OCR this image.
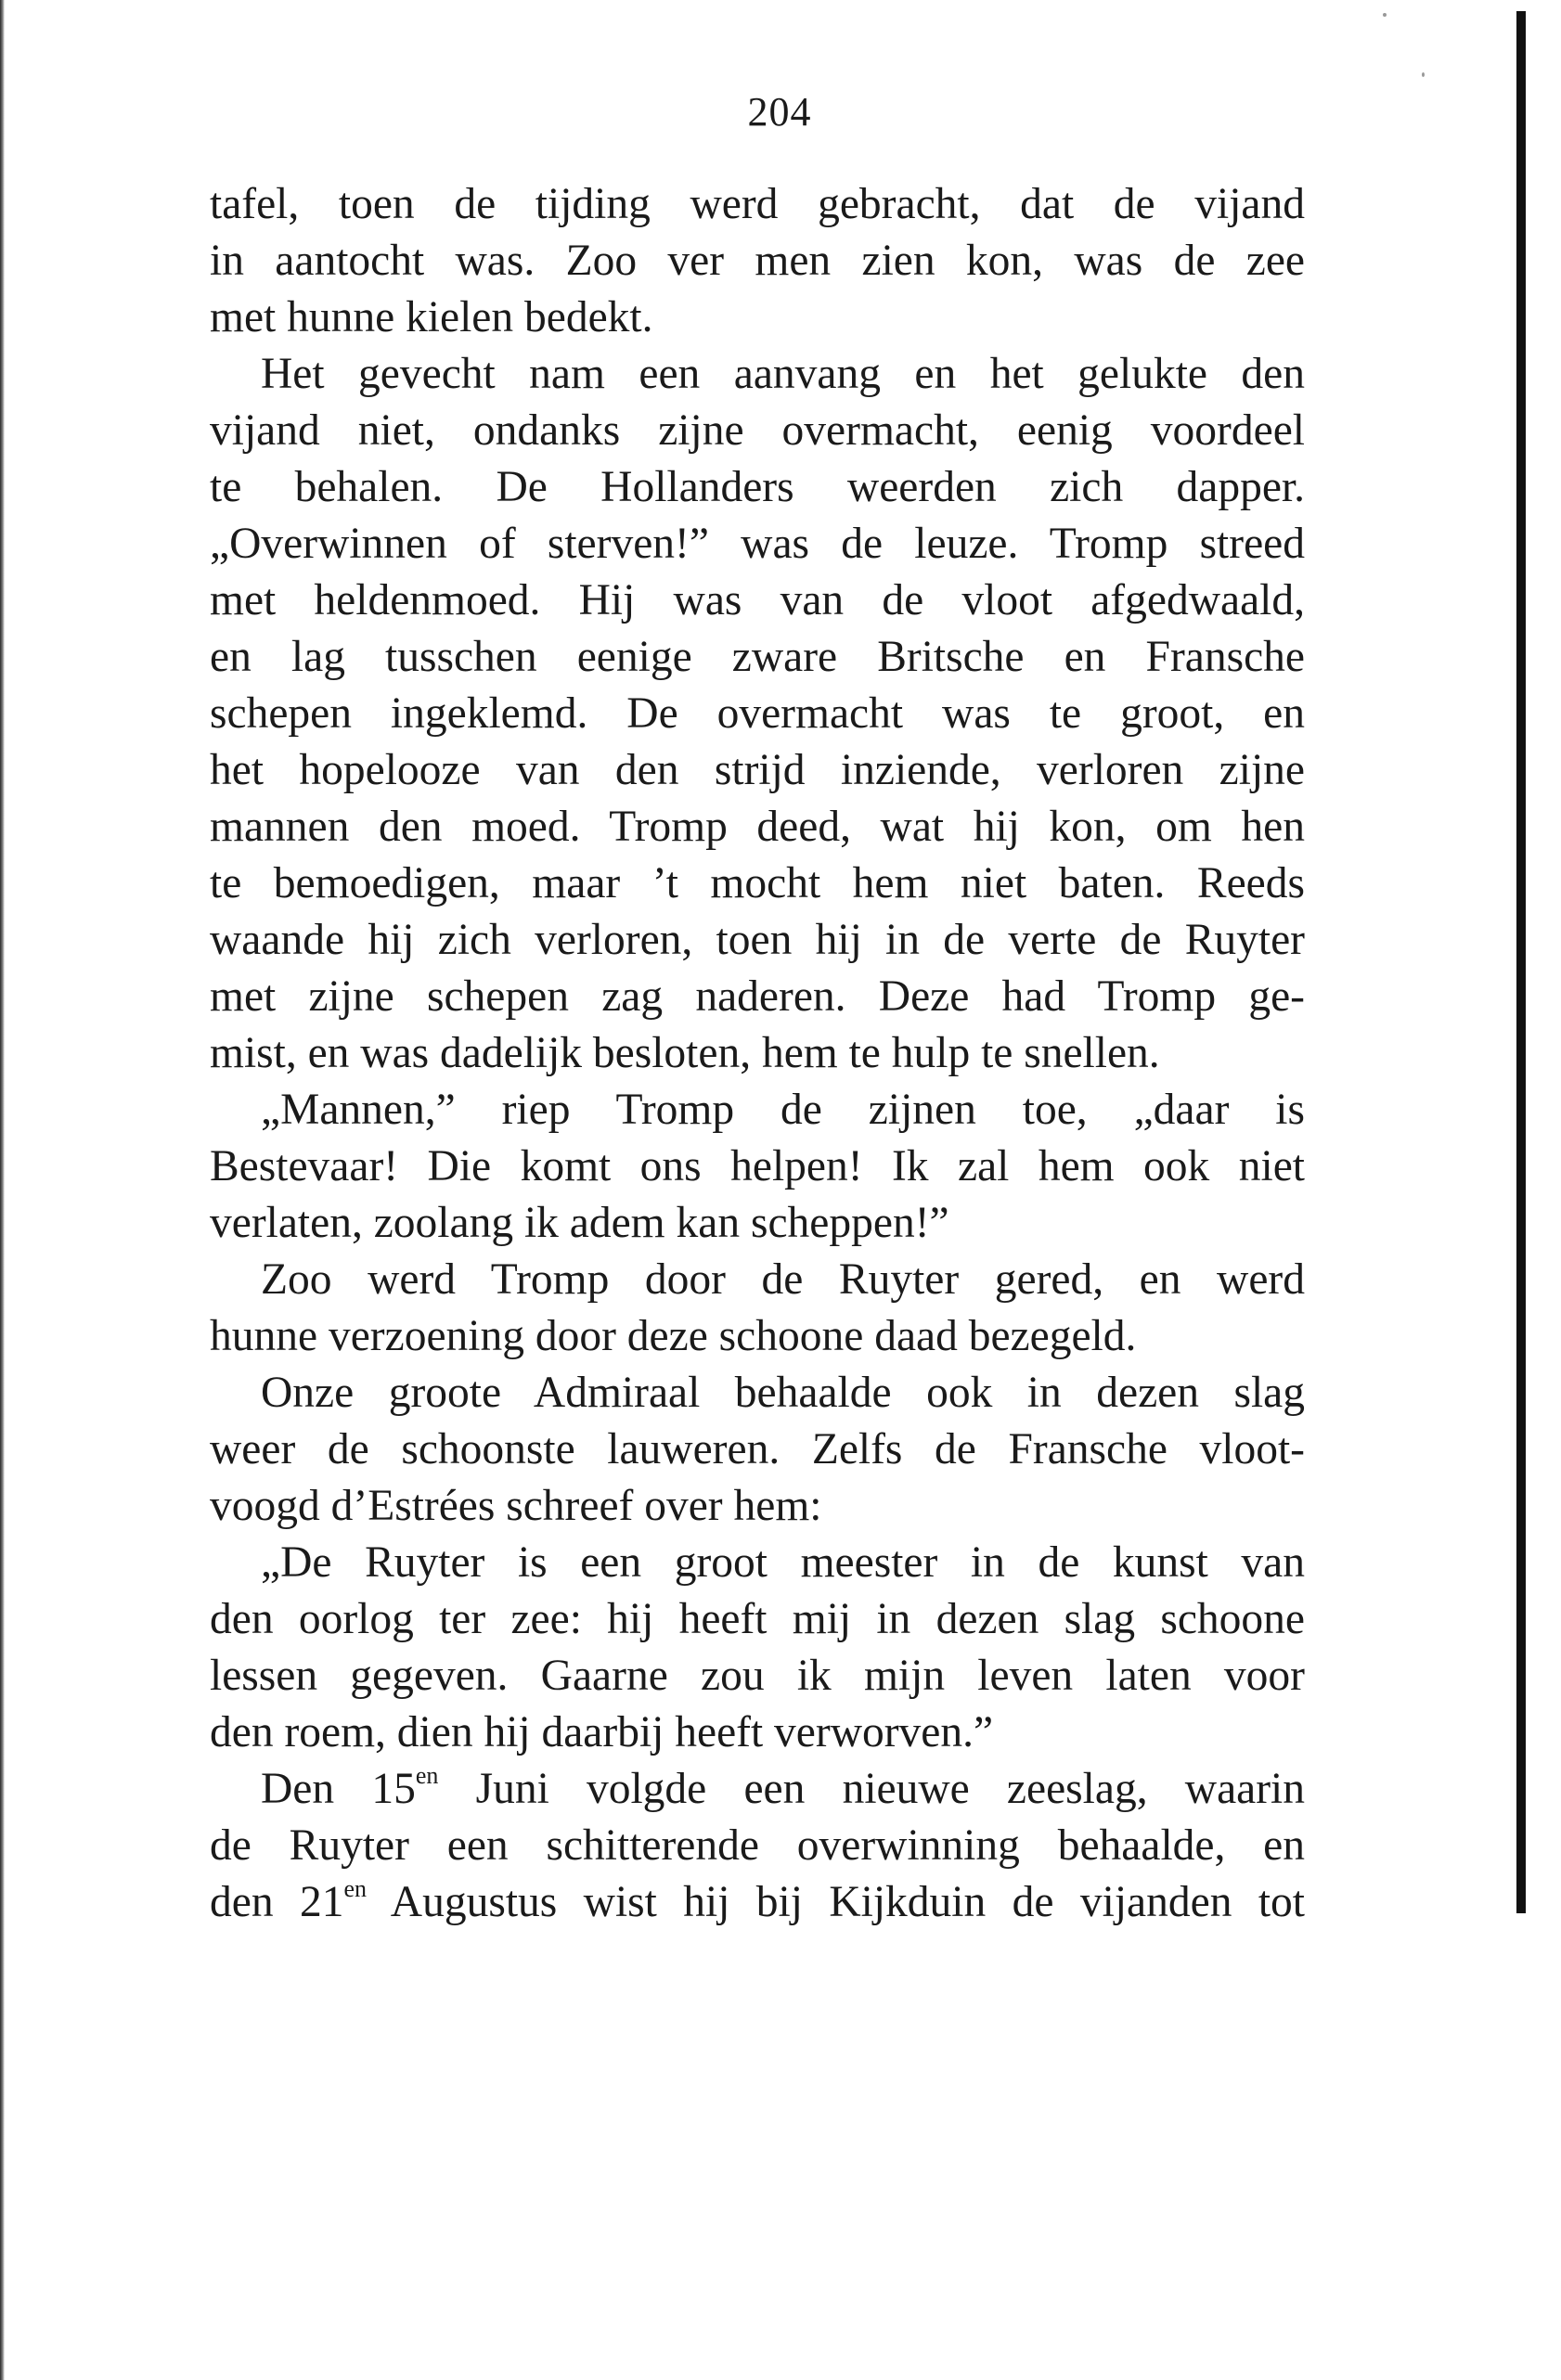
204
tafel, toen de tijding werd gebracht, dat de vijand
in aantocht was. Zoo ver men zien kon, was de zee
met hunne kielen bedekt.
Het gevecht nam een aanvang en het gelukte den
vijand niet, ondanks zijne overmacht, eenig voordeel
te behalen. De Hollanders weerden zich dapper.
„Overwinnen of sterven!” was de leuze. Tromp streed
met heldenmoed. Hij was van de vloot afgedwaald,
en lag tusschen eenige zware Britsche en Fransche
schepen ingeklemd. De overmacht was te groot, en
het hopelooze van den strijd inziende, verloren zijne
mannen den moed. Tromp deed, wat hij kon, om hen
te bemoedigen, maar ’t mocht hem niet baten. Reeds
waande hij zich verloren, toen hij in de verte de Ruyter
met zijne schepen zag naderen. Deze had Tromp ge-
mist, en was dadelijk besloten, hem te hulp te snellen.
„Mannen,” riep Tromp de zijnen toe, „daar is
Bestevaar! Die komt ons helpen! Ik zal hem ook niet
verlaten, zoolang ik adem kan scheppen!”
Zoo werd Tromp door de Ruyter gered, en werd
hunne verzoening door deze schoone daad bezegeld.
Onze groote Admiraal behaalde ook in dezen slag
weer de schoonste lauweren. Zelfs de Fransche vloot-
voogd d’Estrées schreef over hem:
„De Ruyter is een groot meester in de kunst van
den oorlog ter zee: hij heeft mij in dezen slag schoone
lessen gegeven. Gaarne zou ik mijn leven laten voor
den roem, dien hij daarbij heeft verworven.”
Den $15^{en}$ Juni volgde een nieuwe zeeslag, waarin
de Ruyter een schitterende overwinning behaalde, en
den $21^{en}$ Augustus wist hij bij Kijkduin de vijanden tot
